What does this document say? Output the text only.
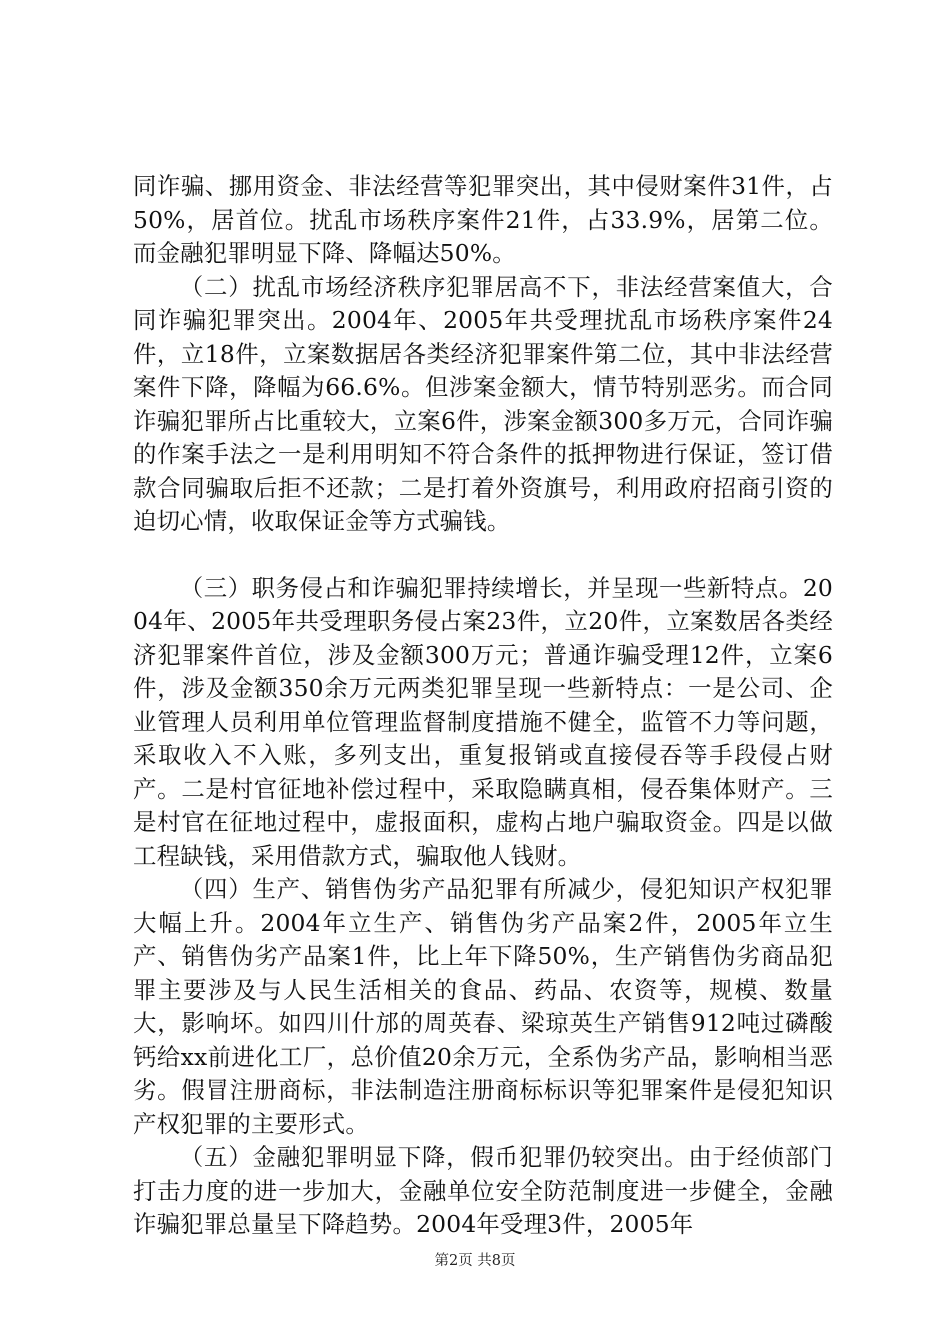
同诈骗、挪用资金、非法经营等犯罪突出，其中侵财案件31件，占50%，居首位。扰乱市场秩序案件21件，占33.9%，居第二位。而金融犯罪明显下降、降幅达50%。

（二）扰乱市场经济秩序犯罪居高不下，非法经营案值大，合同诈骗犯罪突出。2004年、2005年共受理扰乱市场秩序案件24件，立18件，立案数据居各类经济犯罪案件第二位，其中非法经营案件下降，降幅为66.6%。但涉案金额大，情节特别恶劣。而合同诈骗犯罪所占比重较大，立案6件，涉案金额300多万元，合同诈骗的作案手法之一是利用明知不符合条件的抵押物进行保证，签订借款合同骗取后拒不还款；二是打着外资旗号，利用政府招商引资的迫切心情，收取保证金等方式骗钱。

（三）职务侵占和诈骗犯罪持续增长，并呈现一些新特点。2004年、2005年共受理职务侵占案23件，立20件，立案数居各类经济犯罪案件首位，涉及金额300万元；普通诈骗受理12件，立案6件，涉及金额350余万元两类犯罪呈现一些新特点：一是公司、企业管理人员利用单位管理监督制度措施不健全，监管不力等问题，采取收入不入账，多列支出，重复报销或直接侵吞等手段侵占财产。二是村官征地补偿过程中，采取隐瞒真相，侵吞集体财产。三是村官在征地过程中，虚报面积，虚构占地户骗取资金。四是以做工程缺钱，采用借款方式，骗取他人钱财。

（四）生产、销售伪劣产品犯罪有所减少，侵犯知识产权犯罪大幅上升。2004年立生产、销售伪劣产品案2件，2005年立生产、销售伪劣产品案1件，比上年下降50%，生产销售伪劣商品犯罪主要涉及与人民生活相关的食品、药品、农资等，规模、数量大，影响坏。如四川什邡的周英春、梁琼英生产销售912吨过磷酸钙给xx前进化工厂，总价值20余万元，全系伪劣产品，影响相当恶劣。假冒注册商标，非法制造注册商标标识等犯罪案件是侵犯知识产权犯罪的主要形式。

（五）金融犯罪明显下降，假币犯罪仍较突出。由于经侦部门打击力度的进一步加大，金融单位安全防范制度进一步健全，金融诈骗犯罪总量呈下降趋势。2004年受理3件，2005年

第2页 共8页
